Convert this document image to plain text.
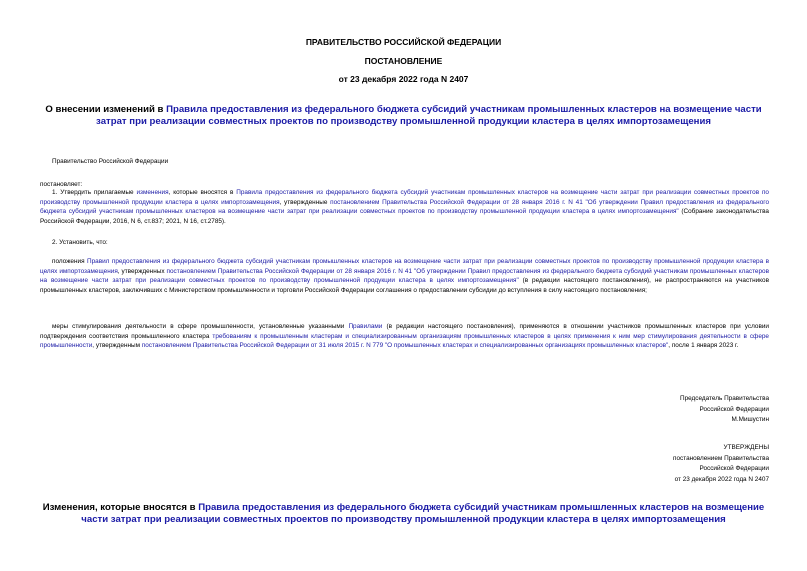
ПРАВИТЕЛЬСТВО РОССИЙСКОЙ ФЕДЕРАЦИИ
ПОСТАНОВЛЕНИЕ
от 23 декабря 2022 года N 2407
О внесении изменений в Правила предоставления из федерального бюджета субсидий участникам промышленных кластеров на возмещение части затрат при реализации совместных проектов по производству промышленной продукции кластера в целях импортозамещения
Правительство Российской Федерации
постановляет:
1. Утвердить прилагаемые изменения, которые вносятся в Правила предоставления из федерального бюджета субсидий участникам промышленных кластеров на возмещение части затрат при реализации совместных проектов по производству промышленной продукции кластера в целях импортозамещения, утвержденные постановлением Правительства Российской Федерации от 28 января 2016 г. N 41 "Об утверждении Правил предоставления из федерального бюджета субсидий участникам промышленных кластеров на возмещение части затрат при реализации совместных проектов по производству промышленной продукции кластера в целях импортозамещения" (Собрание законодательства Российской Федерации, 2016, N 6, ст.837; 2021, N 16, ст.2785).
2. Установить, что:
положения Правил предоставления из федерального бюджета субсидий участникам промышленных кластеров на возмещение части затрат при реализации совместных проектов по производству промышленной продукции кластера в целях импортозамещения, утвержденных постановлением Правительства Российской Федерации от 28 января 2016 г. N 41 "Об утверждении Правил предоставления из федерального бюджета субсидий участникам промышленных кластеров на возмещение части затрат при реализации совместных проектов по производству промышленной продукции кластера в целях импортозамещения" (в редакции настоящего постановления), не распространяются на участников промышленных кластеров, заключивших с Министерством промышленности и торговли Российской Федерации соглашения о предоставлении субсидии до вступления в силу настоящего постановления;
меры стимулирования деятельности в сфере промышленности, установленные указанными Правилами (в редакции настоящего постановления), применяются в отношении участников промышленных кластеров при условии подтверждения соответствия промышленного кластера требованиям к промышленным кластерам и специализированным организациям промышленных кластеров в целях применения к ним мер стимулирования деятельности в сфере промышленности, утвержденным постановлением Правительства Российской Федерации от 31 июля 2015 г. N 779 "О промышленных кластерах и специализированных организациях промышленных кластеров", после 1 января 2023 г.
Председатель Правительства
Российской Федерации
М.Мишустин
УТВЕРЖДЕНЫ
постановлением Правительства
Российской Федерации
от 23 декабря 2022 года N 2407
Изменения, которые вносятся в Правила предоставления из федерального бюджета субсидий участникам промышленных кластеров на возмещение части затрат при реализации совместных проектов по производству промышленной продукции кластера в целях импортозамещения
